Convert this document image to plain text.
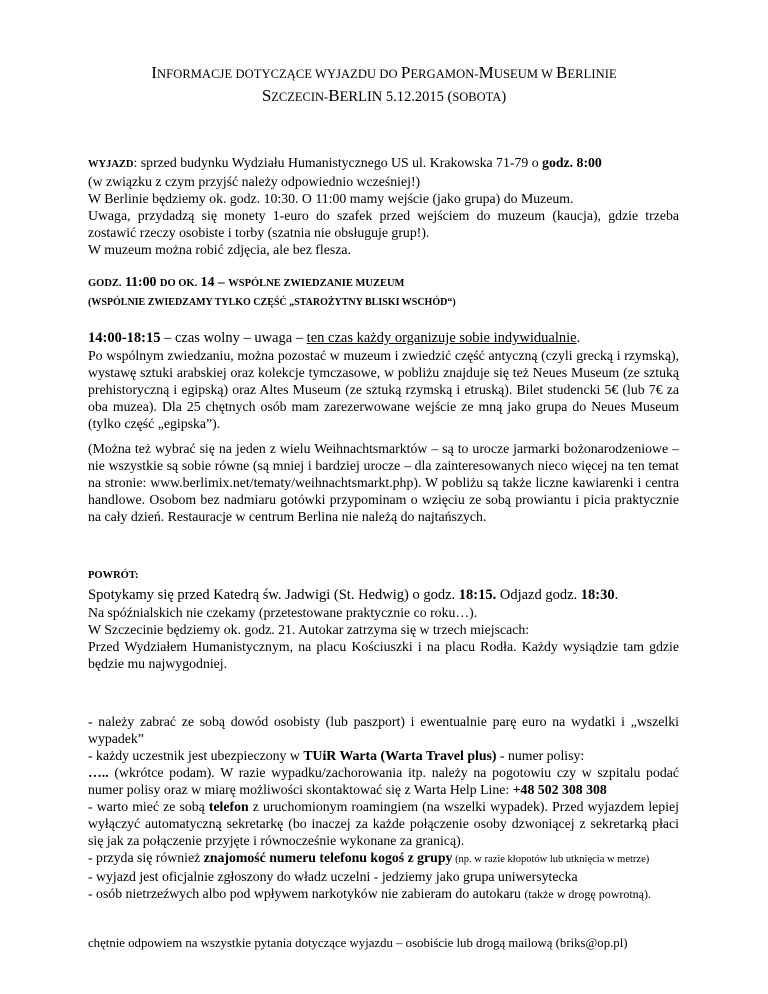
INFORMACJE DOTYCZĄCE WYJAZDU DO PERGAMON-MUSEUM W BERLINIE
SZCZECIN-BERLIN 5.12.2015 (SOBOTA)
WYJAZD: sprzed budynku Wydziału Humanistycznego US ul. Krakowska 71-79 o godz. 8:00
(w związku z czym przyjść należy odpowiednio wcześniej!)
W Berlinie będziemy ok. godz. 10:30. O 11:00 mamy wejście (jako grupa) do Muzeum.
Uwaga, przydadzą się monety 1-euro do szafek przed wejściem do muzeum (kaucja), gdzie trzeba zostawić rzeczy osobiste i torby (szatnia nie obsługuje grup!).
W muzeum można robić zdjęcia, ale bez flesza.
GODZ. 11:00 DO OK. 14 – WSPÓLNE ZWIEDZANIE MUZEUM
(WSPÓLNIE ZWIEDZAMY TYLKO CZĘŚĆ „STAROŻYTNY BLISKI WSCHÓD“)
14:00-18:15 – czas wolny – uwaga – ten czas każdy organizuje sobie indywidualnie.
Po wspólnym zwiedzaniu, można pozostać w muzeum i zwiedzić część antyczną (czyli grecką i rzymską), wystawę sztuki arabskiej oraz kolekcje tymczasowe, w pobliżu znajduje się też Neues Museum (ze sztuką prehistoryczną i egipską) oraz Altes Museum (ze sztuką rzymską i etruską). Bilet studencki 5€ (lub 7€ za oba muzea). Dla 25 chętnych osób mam zarezerwowane wejście ze mną jako grupa do Neues Museum (tylko część „egipska”).
(Można też wybrać się na jeden z wielu Weihnachtsmarktów – są to urocze jarmarki bożonarodzeniowe – nie wszystkie są sobie równe (są mniej i bardziej urocze – dla zainteresowanych nieco więcej na ten temat na stronie: www.berlimix.net/tematy/weihnachtsmarkt.php). W pobliżu są także liczne kawiarenki i centra handlowe. Osobom bez nadmiaru gotówki przypominam o wzięciu ze sobą prowiantu i picia praktycznie na cały dzień. Restauracje w centrum Berlina nie należą do najtańszych.
POWRÓT:
Spotykamy się przed Katedrą św. Jadwigi (St. Hedwig) o godz. 18:15. Odjazd godz. 18:30.
Na spóźnialskich nie czekamy (przetestowane praktycznie co roku…).
W Szczecinie będziemy ok. godz. 21. Autokar zatrzyma się w trzech miejscach:
Przed Wydziałem Humanistycznym, na placu Kościuszki i na placu Rodła. Każdy wysiądzie tam gdzie będzie mu najwygodniej.
- należy zabrać ze sobą dowód osobisty (lub paszport) i ewentualnie parę euro na wydatki i „wszelki wypadek”
- każdy uczestnik jest ubezpieczony w TUiR Warta (Warta Travel plus) - numer polisy:
….. (wkrótce podam). W razie wypadku/zachorowania itp. należy na pogotowiu czy w szpitalu podać numer polisy oraz w miarę możliwości skontaktować się z Warta Help Line: +48 502 308 308
- warto mieć ze sobą telefon z uruchomionym roamingiem (na wszelki wypadek). Przed wyjazdem lepiej wyłączyć automatyczną sekretarkę (bo inaczej za każde połączenie osoby dzwoniącej z sekretarką płaci się jak za połączenie przyjęte i równocześnie wykonane za granicą).
- przyda się również znajomość numeru telefonu kogoś z grupy (np. w razie kłopotów lub utknięcia w metrze)
- wyjazd jest oficjalnie zgłoszony do władz uczelni - jedziemy jako grupa uniwersytecka
- osób nietrzeźwych albo pod wpływem narkotyków nie zabieram do autokaru (także w drogę powrotną).
chętnie odpowiem na wszystkie pytania dotyczące wyjazdu – osobiście lub drogą mailową (briks@op.pl)
